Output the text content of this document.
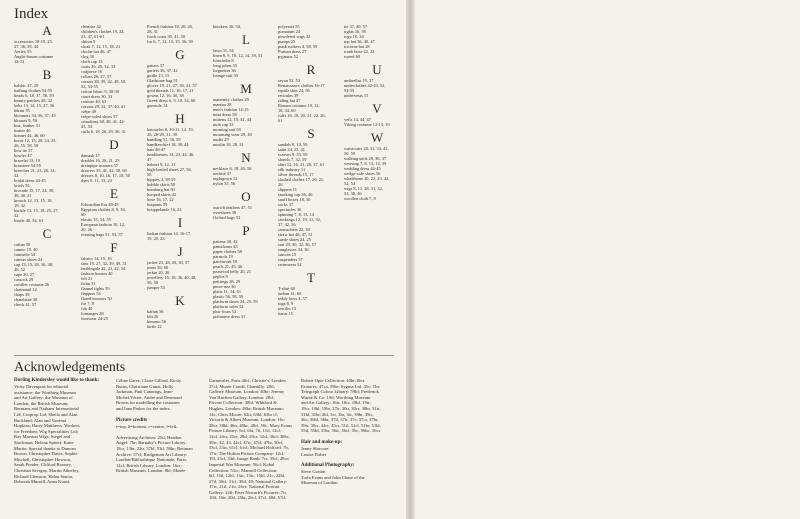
Index
A
accessories 18-19, 25,
27, 36, 39, 44
Aertex 55
Anglo-Saxon costume
12-13
B
baldric 27, 29
bathing clothes 54-55
beads 6, 18, 37, 58, 59
beauty patches 28, 32
belts 13, 14, 15, 27, 36
bikini 55
bloomers 34, 36, 37, 43
blouses 9, 50
boa, feather 51
boater 46
bonnet 44, 46, 60
boots 12, 15, 20, 24, 25,
26, 55, 58, 59
bow tie 37
bowler 47
bracelet 13, 19
brassiere 54-55
breeches 21, 23, 26, 31,
32
bridal dress 44-45
briefs 55
brocade 15, 17, 24, 30,
38, 40, 41
brooch 12, 13, 15, 18,
19, 42
buckle 13, 15, 18, 25, 27,
32
bustle 40, 54, 61
C
caftan 59
cameo 19, 40
camisole 54
canvas shoes 24
cap 13, 15, 28, 36, 38,
46, 52
cape 20, 27
cassock 29
cavalier costume 26
chainmail 12
chaps 39
chatelaine 38
check 41, 57
chemise 42
children's clothes 19, 22,
23, 47, 61-61
chiton 9
cloak 7, 12, 15, 18, 21
cloche hat 46, 47
clog 30
cloth cap 13
coats 26, 29, 32, 33
codpiece 16
collars 26, 27, 57
corsets 38, 39, 42, 49, 50,
52, 54-55
cotton fabric 9, 38-39
court dress 30, 33
couture 40, 63
cravats 29, 32, 37, 40, 41
crêpe 49
crêpe-soled shoes 57
crinolines 38, 40, 41, 42-
43, 54
cuffs 6, 18, 26, 29, 30, 31
D
damask 17
doublet 16, 20, 21, 23
drainpipe trousers 57
drawers 35, 41, 42, 50, 60
dresses 8, 10, 16, 17, 18, 50
dyes 9, 11, 13, 23
E
Edwardian Era 48-49
Egyptian clothes 8, 9, 36,
60
elastic 35, 54, 55
European fashion 10, 12,
20, 26
evening bags 51, 53, 57
F
fabrics 14, 15, 16
fans 19, 27, 32, 39, 49, 51
farthingale 22, 23, 42, 54
fashion houses 40
felt 21
fichu 31
flannel tights 59
flappers 53
flared trousers 50
fur 7, 8
fob 40
fontanges 28
footwear 24-25
French fashion 18, 20, 26,
28, 31
frock coats 39, 41, 50
fur 6, 7, 12, 13, 15, 36, 39
G
gaiters 37
garters 36, 37, 42
girdle 13, 15
Gladstone bag 51
gloves 19, 21, 27, 36, 41, 57
gold threads 11, 16, 17, 21
gowns 12, 16, 30, 38
Greek dress 6, 9, 10, 34, 60
gumsole 14
H
hairstyles 8, 10-11, 14, 19,
26, 28-29, 31, 39
handbag 51, 56, 59
handkerchief 18, 39, 44
hats 46-47
headdresses 14, 23, 44, 46,
47
helmet 9, 12, 13
high-heeled shoes 27, 56,
58
hippies 4, 58-59
hobble skirts 50
homburg hat 50
hooped skirts 42
hose 16, 17, 22
hotpants 59
houppelande 16, 23
I
Italian fashion 14, 16-17,
19, 20, 23
J
jacket 23, 28, 29, 30, 57
jeans 59, 60
jerkin 20, 26
jewellery 16, 18, 36, 40, 48,
56, 58
jumper 53
K
kaftan 56
kilt 26
kimono 56
kirtle 22
knickers 36, 50,
L
lawn 31, 54
linen 8, 9, 10, 12, 14, 39, 51
loincloths 8
long johns 35
lorgnettes 36
lounge suit 50
M
maternity clothes 29
mantua 28
men's fashion 14-15
mini dress 58
mittens 12, 19, 41, 44
mob cap 33
morning suit 50
mourning wear 29, 40
muffs 29
muslin 18, 28, 31
N
necklace 6, 18, 40, 58
necktie 37
nightgown 12
nylon 55, 56
O
ostrich feathers 47, 51
overshoes 38
Oxford bags 53
P
pattens 30, 42
pantaloons 43
paper clothes 58
parasols 19
patchwork 59
pearls 21, 45, 46
peasecod belly 20, 21
peplos 9
pettiregs 28, 29
pince-nez 36
plaits 11, 14, 61
plastic 56, 58, 59
platform shoes 24, 25, 59
platform soles 52
plus-fours 52
polonaise dress 31
polyester 55
pomatum 24
powdered wigs 32
pumps 25
punk rockers 4, 58, 59
Puritan dress 27
pyjamas 52
R
rayon 52, 53
Renaissance clothes 16-17
reptile skin 24, 56
reticules 39
riding hat 47
Roman costume 10, 12,
18, 34, 60
ruffs 16, 18, 20, 21, 22, 26,
61
S
sandals 8, 10, 59
satin 24, 25, 41
scarves 9, 53, 59
shawls 7, 32, 59
shirt 12, 16, 21, 26, 37, 61
silk industry 11
silver threads 15, 17
slashed clothes 17, 20, 21,
26
slippers 11
smoking cap 36, 46
snuff boxes 18, 36
socks 37
spectacles 36
spinning 7, 8, 13, 14
stockings 12, 19, 31, 32,
37, 42, 56
stomachers 22, 30
straw hat 46, 47, 51
suede shoes 24, 25
suit 29, 30, 32, 36, 57
sunglasses 34, 36
surcote 15
suspenders 37
swimwear 54
T
T-shirt 60
turban 41, 60
teddy boys 4, 57
toga 8, 9
textiles 13
tiaras 15
tie 37, 40, 57
tights 16, 59
toga 10, 34
top hat 36, 40, 47
tricorne hat 28
trunk hose 22, 23
tweed 60
U
umbrellas 19, 37
underclothes 42-43, 52,
54-55
undervests 15
V
veils 14, 44, 47
Viking costume 12-13, 19
W
waistcoats 28, 31, 33, 41,
50, 59
walking stick 29, 36, 37
weaving 7, 8, 13, 14, 39
wedding dress 44-45
wedge-sole shoes 56
whalebone 20, 22, 23, 42,
52, 54
wigs 8, 11, 28, 31, 32,
33, 38, 46
woollen cloth 7, 8
Acknowledgements
Dorling Kindersley would like to thank:
Vicky Davenport for editorial
assistance; the Worthing Museum
and Art Gallery; the Museum of
London; the British Museum;
Bermans and Nathans International
Ltd; Cosprop Ltd; Sheila and Alan
Buckland; Alan and Vanessa
Hopkins; Harry Matthews, Workers
for Freedom; Wig Specialities Ltd;
Ray Marston Wigs; Siegel and
Stockman; Helena Spiteri; Katie
Martin. Special thanks to Duncan
Brown, Christopher Davis, Sophie
Mitchell, Christopher Howson,
Sarah Ponder, Clifford Rooney,
Christian Sévigny, Martin Atherley,
Richard Clemson, Helen Senior,
Deborah Murrell, Anna Kunst.
Céline Carez, Claire Gillard, Kirsty
Burns, Christiane Gunzi, Holly
Jackman, Paul Cannings, Jean-
Michel Vérier, André and Desmond
Brown for modelling the costumes
and Jane Parker for the index.
Picture credits
t=top, b=bottom, c=centre, l=left.

Advertising Archives: 25tl; Heather
Angel: 7br; Barnaby's Picture Library:
18cr, 13br, 22tr, 37bl, 53tl, 58br; Bettman
Archive: 57cl; Bridgeman Art Library:
London/Bibliothèque Nationale, Paris:
14cl; British Library, London: 16cr;
British Museum, London: 8bl; Musée
Carnavalet, Paris 40cl; Christie's, London
27cl; Musée Condé, Chantilly: 20tl;
Gaffney Museum, London: 40br; Jeremy
Van Haeften Gallery, London: 28cl;
Private Collection: 38bl; Whitford &
Hughes, London: 48br; British Museum:
14c; Chris Moore: 62tr, 63bl, 63br cl;
Victoria & Albert Museum, London: 16c;
28cr, 38bl, 46tr, 48bc, 48cl, 50c; Mary Evans
Picture Library: 6cl, 6br, 7tl, 11tl, 12cl,
14cl, 24cr, 25cr, 28tl, 29cr, 32cl, 36cl, 38bc,
39tc, 42, 43, 44cl, 47tc, 47cl, 47br, 50cl,
53cl, 53tc, 61cl, 61cl; Michael Holford: 7b,
17tr; The Hulton Picture Company: 12cl,
19l, 23cl, 34tl; Image Bank: 7cr, 35cl, 49cr;
Imperial War Museum: 56cl; Kobal
Collection: 53cr; Mansell Collection:
6tl, 15tl, 12bl, 13tc, 15tc, 15bl, 21c, 22bl,
27tl, 30cl, 31cl, 39tl, 49; National Gallery:
17tc, 21tl, 21tr, 26cr; National Portrait
Gallery: 22tl; Peter Newark's Pictures: 7tr,
10tl, 16tr, 20tl, 25br, 26cl, 37cl, 48tl, 57tl;
Robert Opie Collection: 40br; Rex
Features: 47ca, 59br; Sygma Ltd: 45c; The
Telegraph Colour Library: 59bl; Frederick
Warne & Co: 19tl; Worthing Museum
and Art Gallery: 16tr, 18cr, 18bl, 19tr,
19cr, 19bl, 19br, 27tr, 30tr, 30cr, 30br, 31tr,
31bl, 31br, 2bl, 3cr, 3br, 3tc, 39br, 39tc,
36c, 36bl, 36br, 37tl, 37tr, 37c, 37cr, 37br,
39tr, 39cr, 44cr, 45cr, 51tl, 51cl, 51br, 51bl,
55tl, 55bl, 55br, 56tc, 56cl, 56c, 56bc, 56cr.
Hair and make-up:
Jenny Shircore
Louise Fisher
Additional Photography:
Steve Gorton
Torla Evans and John Chase of the
Museum of London
